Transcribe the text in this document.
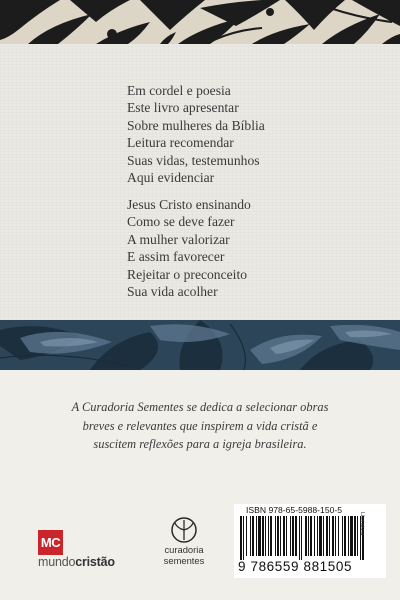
Em cordel e poesia
Este livro apresentar
Sobre mulheres da Bíblia
Leitura recomendar
Suas vidas, testemunhos
Aqui evidenciar
Jesus Cristo ensinando
Como se deve fazer
A mulher valorizar
E assim favorecer
Rejeitar o preconceito
Sua vida acolher
A Curadoria Sementes se dedica a selecionar obras
breves e relevantes que inspirem a vida cristã e
suscitem reflexões para a igreja brasileira.
MC
mundocristão
curadoria
sementes
ISBN 978-65-5988-150-5
9 786559 881505
Literatura
